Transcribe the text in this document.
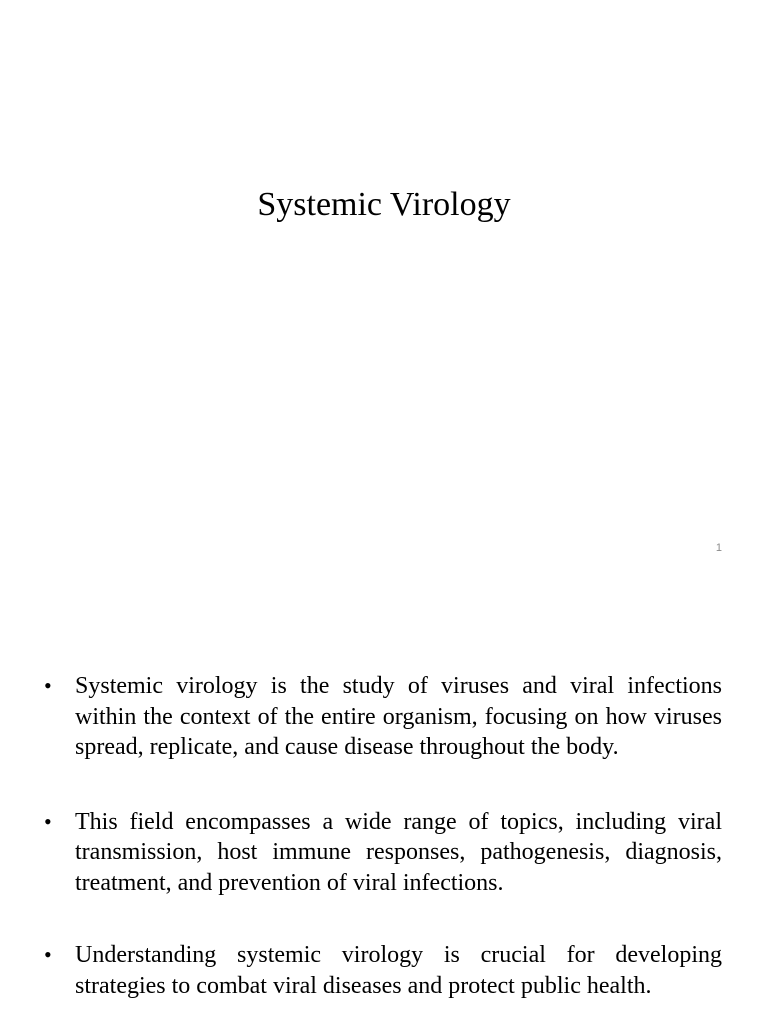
Systemic Virology
1
• Systemic virology is the study of viruses and viral infections within the context of the entire organism, focusing on how viruses spread, replicate, and cause disease throughout the body.
• This field encompasses a wide range of topics, including viral transmission, host immune responses, pathogenesis, diagnosis, treatment, and prevention of viral infections.
• Understanding systemic virology is crucial for developing strategies to combat viral diseases and protect public health.
